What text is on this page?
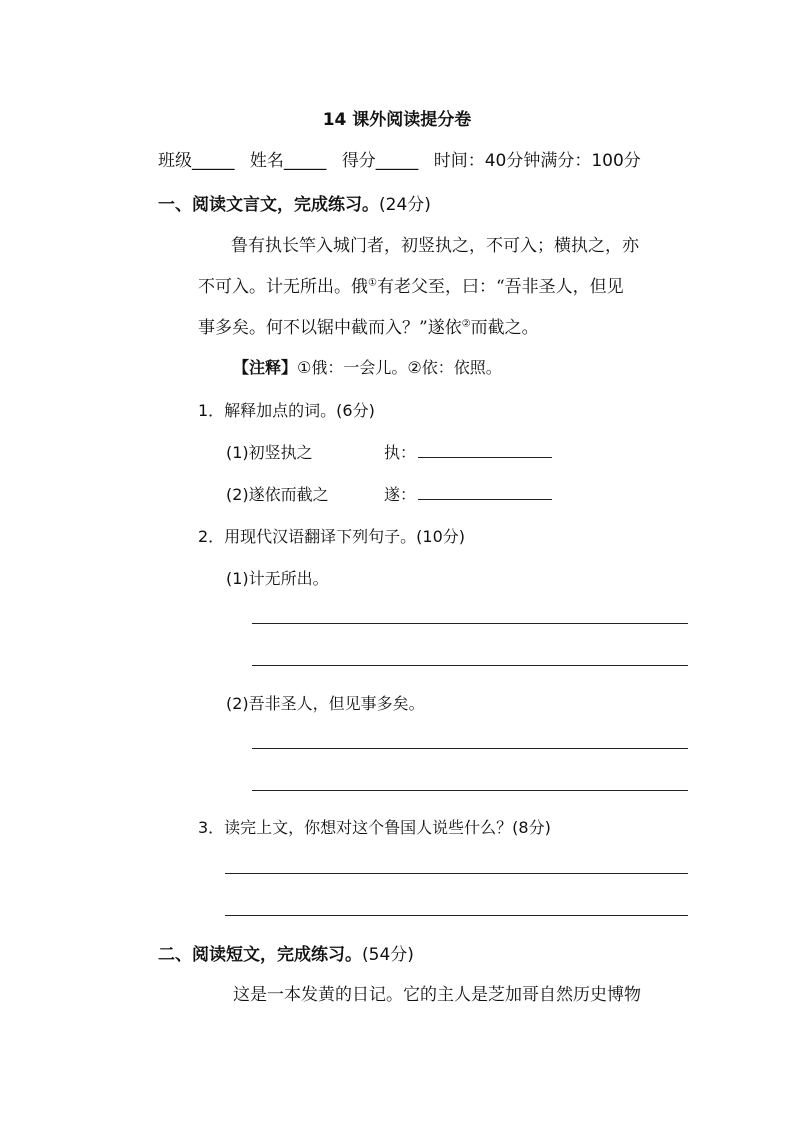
14 课外阅读提分卷
班级_____ 姓名_____ 得分_____ 时间：40分钟满分：100分
一、阅读文言文，完成练习。(24分)
鲁有执长竿入城门者，初竖执之，不可入；横执之，亦
不可入。计无所出。俄①有老父至，曰：“吾非圣人，但见
事多矣。何不以锯中截而入？”遂依②而截之。
【注释】①俄：一会儿。②依：依照。
1．解释加点的词。(6分)
(1)初竖执之	执：
(2)遂依而截之	遂：
2．用现代汉语翻译下列句子。(10分)
(1)计无所出。
(2)吾非圣人，但见事多矣。
3．读完上文，你想对这个鲁国人说些什么？(8分)
二、阅读短文，完成练习。(54分)
这是一本发黄的日记。它的主人是芝加哥自然历史博物
